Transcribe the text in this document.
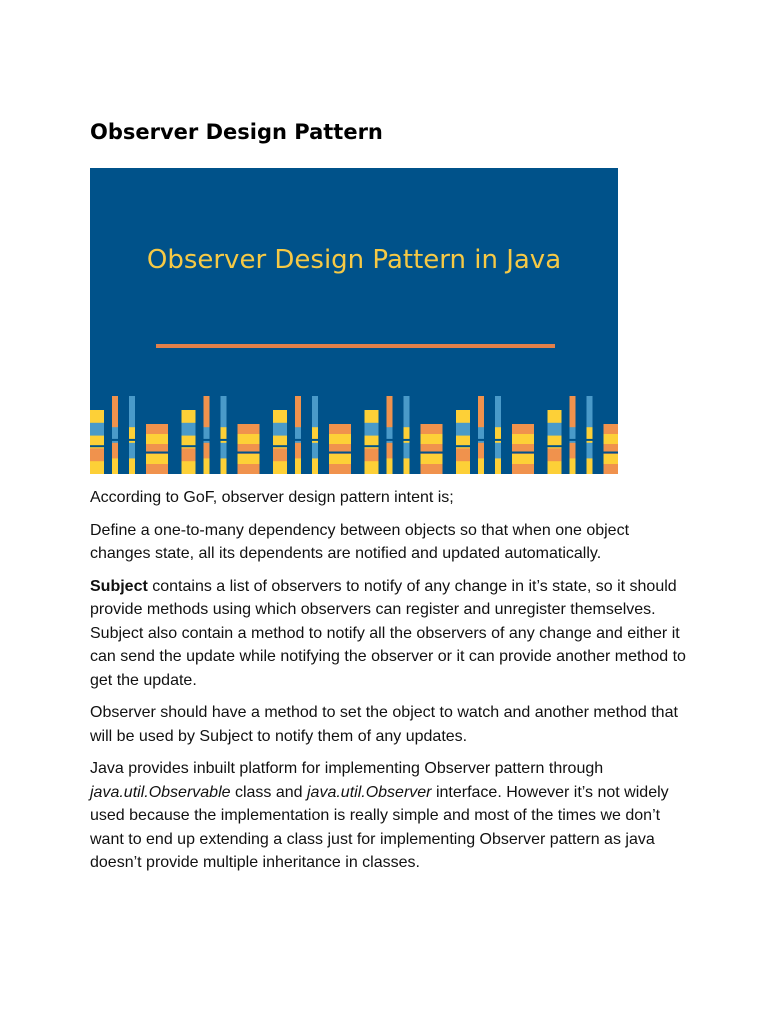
Observer Design Pattern
Observer Design Pattern in Java

According to GoF, observer design pattern intent is;

Define a one-to-many dependency between objects so that when one object changes state, all its dependents are notified and updated automatically.

Subject contains a list of observers to notify of any change in it’s state, so it should provide methods using which observers can register and unregister themselves. Subject also contain a method to notify all the observers of any change and either it can send the update while notifying the observer or it can provide another method to get the update.

Observer should have a method to set the object to watch and another method that will be used by Subject to notify them of any updates.

Java provides inbuilt platform for implementing Observer pattern through java.util.Observable class and java.util.Observer interface. However it’s not widely used because the implementation is really simple and most of the times we don’t want to end up extending a class just for implementing Observer pattern as java doesn’t provide multiple inheritance in classes.
